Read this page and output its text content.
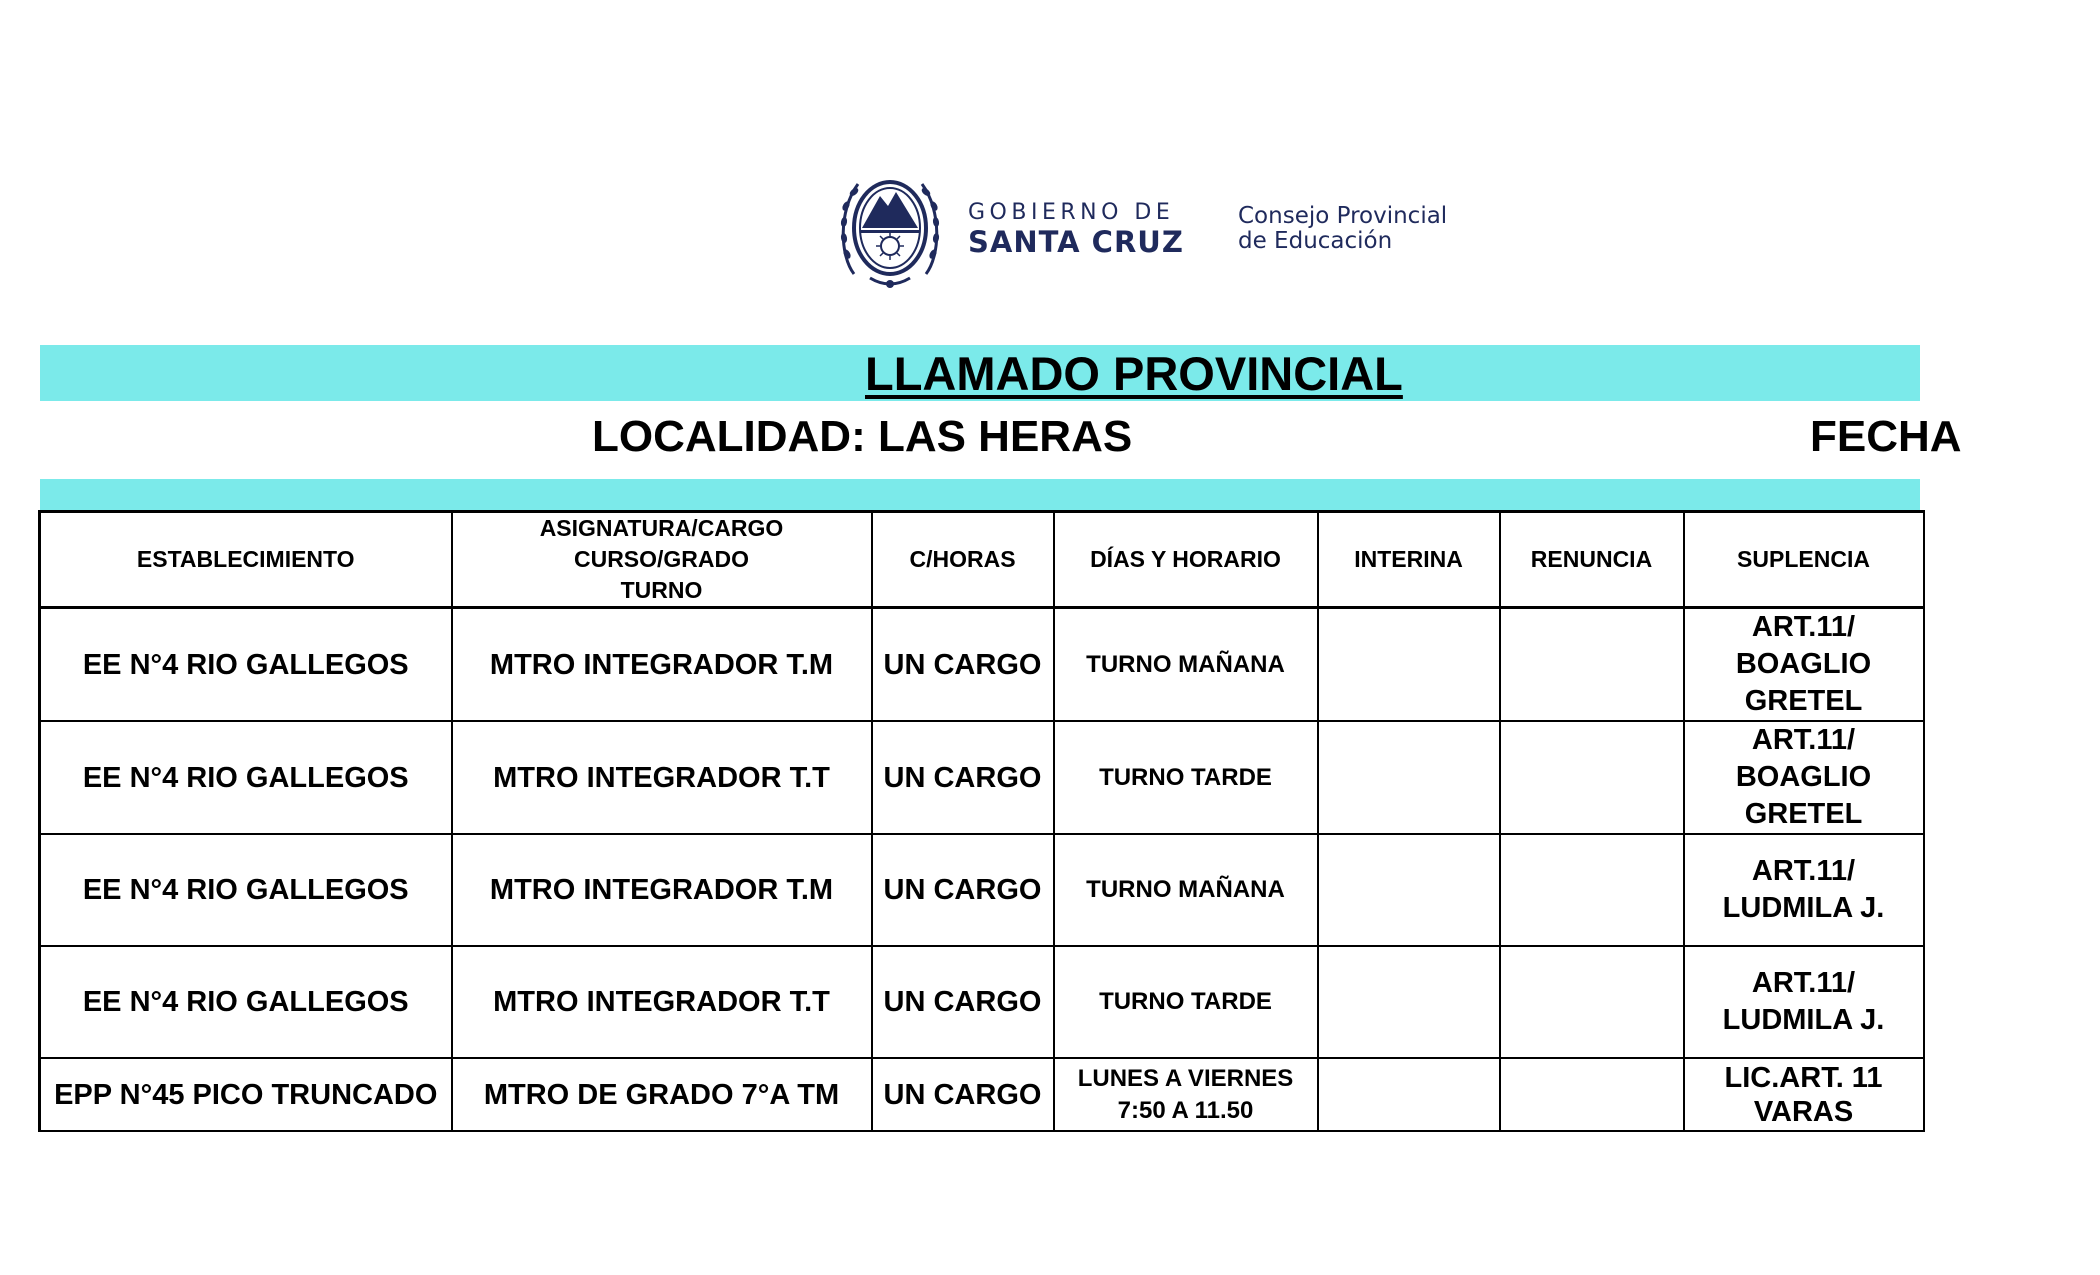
GOBIERNO DE
SANTA CRUZ
Consejo Provincial
de Educación
LLAMADO PROVINCIAL
LOCALIDAD: LAS HERAS	FECHA
ESTABLECIMIENTO	ASIGNATURA/CARGO CURSO/GRADO TURNO	C/HORAS	DÍAS Y HORARIO	INTERINA	RENUNCIA	SUPLENCIA
EE N°4 RIO GALLEGOS	MTRO INTEGRADOR T.M	UN CARGO	TURNO MAÑANA			ART.11/ BOAGLIO GRETEL

EE N°4 RIO GALLEGOS	MTRO INTEGRADOR T.T	UN CARGO	TURNO TARDE			ART.11/ BOAGLIO GRETEL

EE N°4 RIO GALLEGOS	MTRO INTEGRADOR T.M	UN CARGO	TURNO MAÑANA			ART.11/ LUDMILA J.

EE N°4 RIO GALLEGOS	MTRO INTEGRADOR T.T	UN CARGO	TURNO TARDE			ART.11/ LUDMILA J.

EPP N°45 PICO TRUNCADO	MTRO DE GRADO 7°A TM	UN CARGO	LUNES A VIERNES 7:50 A 11.50			LIC.ART. 11 VARAS
